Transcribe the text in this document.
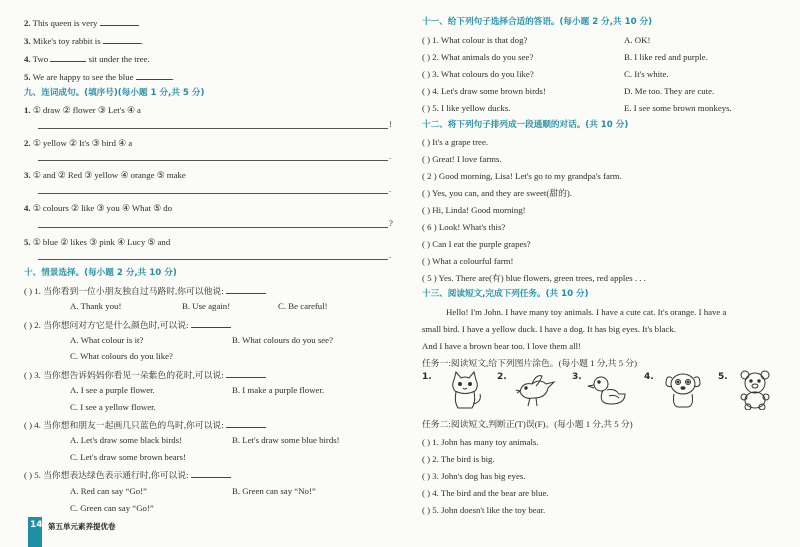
2. This queen is very	.
3. Mike's toy rabbit is	.
4. Two	sit under the tree.
5. We are happy to see the blue	.
九、连词成句。(填序号)(每小题 1 分,共 5 分)
1. ① draw ② flower ③ Let's ④ a
!
2. ① yellow ② It's ③ bird ④ a
.
3. ① and ② Red ③ yellow ④ orange ⑤ make
.
4. ① colours ② like ③ you ④ What ⑤ do
?
5. ① blue ② likes ③ pink ④ Lucy ⑤ and
.
十、情景选择。(每小题 2 分,共 10 分)
( ) 1. 当你看到一位小朋友独自过马路时,你可以他说:
A. Thank you!	B. Use again!	C. Be careful!
( ) 2. 当你想问对方它是什么颜色时,可以说:
A. What colour is it?	B. What colours do you see?
C. What colours do you like?
( ) 3. 当你想告诉妈妈你看见一朵紫色的花时,可以说:
A. I see a purple flower.	B. I make a purple flower.
C. I see a yellow flower.
( ) 4. 当你想和朋友一起画几只蓝色的鸟时,你可以说:
A. Let's draw some black birds!	B. Let's draw some blue birds!
C. Let's draw some brown bears!
( ) 5. 当你想表达绿色表示通行时,你可以说:
A. Red can say “Go!”	B. Green can say “No!”
C. Green can say “Go!”
14 第五单元素养提优卷
十一、给下列句子选择合适的答语。(每小题 2 分,共 10 分)
( ) 1. What colour is that dog?	A. OK!
( ) 2. What animals do you see?	B. I like red and purple.
( ) 3. What colours do you like?	C. It's white.
( ) 4. Let's draw some brown birds!	D. Me too. They are cute.
( ) 5. I like yellow ducks.	E. I see some brown monkeys.
十二、将下列句子排列成一段通顺的对话。(共 10 分)
( ) It's a grape tree.
( ) Great! I love farms.
( 2 ) Good morning, Lisa! Let's go to my grandpa's farm.
( ) Yes, you can, and they are sweet(甜的).
( ) Hi, Linda! Good morning!
( 6 ) Look! What's this?
( ) Can I eat the purple grapes?
( ) What a colourful farm!
( 5 ) Yes. There are(有) blue flowers, green trees, red apples . . .
十三、阅读短文,完成下列任务。(共 10 分)
Hello! I'm John. I have many toy animals. I have a cute cat. It's orange. I have a
small bird. I have a yellow duck. I have a dog. It has big eyes. It's black.
And I have a brown bear too. I love them all!
任务一:阅读短文,给下列图片涂色。(每小题 1 分,共 5 分)
1.	2.	3.	4.	5.
任务二:阅读短文,判断正(T)误(F)。(每小题 1 分,共 5 分)
( ) 1. John has many toy animals.
( ) 2. The bird is big.
( ) 3. John's dog has big eyes.
( ) 4. The bird and the bear are blue.
( ) 5. John doesn't like the toy bear.
